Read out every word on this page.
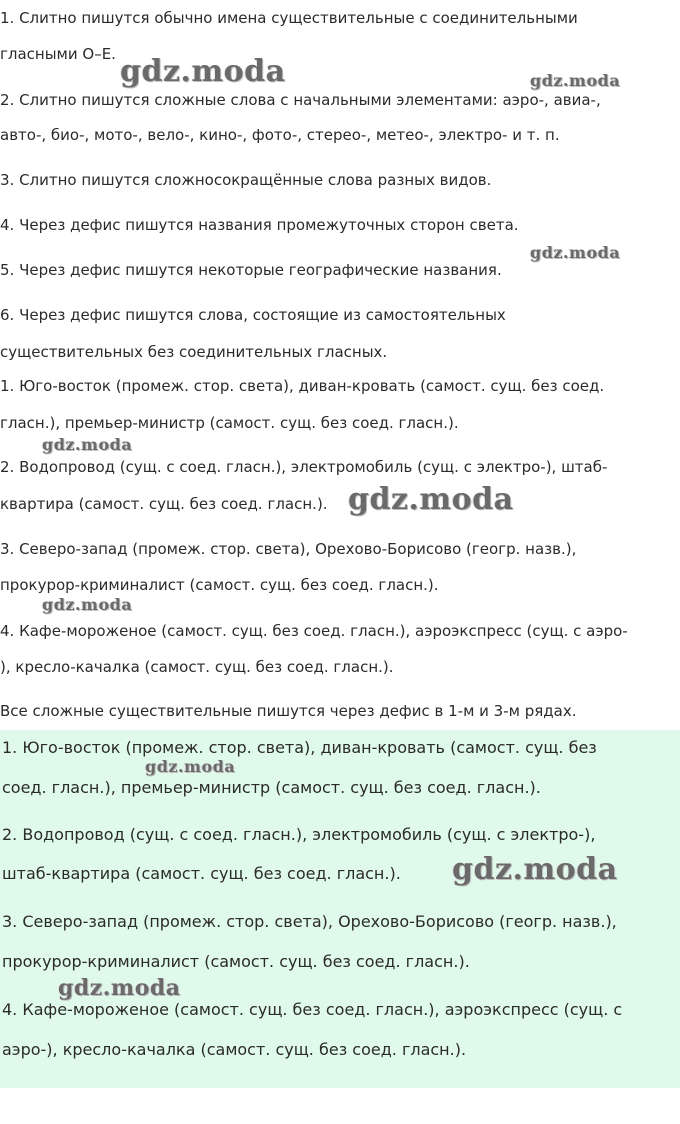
1. Слитно пишутся обычно имена существительные с соединительными
гласными О–Е.
2. Слитно пишутся сложные слова с начальными элементами: аэро-, авиа-,
авто-, био-, мото-, вело-, кино-, фото-, стерео-, метео-, электро- и т. п.
3. Слитно пишутся сложносокращённые слова разных видов.
4. Через дефис пишутся названия промежуточных сторон света.
5. Через дефис пишутся некоторые географические названия.
6. Через дефис пишутся слова, состоящие из самостоятельных
существительных без соединительных гласных.
1. Юго-восток (промеж. стор. света), диван-кровать (самост. сущ. без соед.
гласн.), премьер-министр (самост. сущ. без соед. гласн.).
2. Водопровод (сущ. с соед. гласн.), электромобиль (сущ. с электро-), штаб-
квартира (самост. сущ. без соед. гласн.).
3. Северо-запад (промеж. стор. света), Орехово-Борисово (геогр. назв.),
прокурор-криминалист (самост. сущ. без соед. гласн.).
4. Кафе-мороженое (самост. сущ. без соед. гласн.), аэроэкспресс (сущ. с аэро-
), кресло-качалка (самост. сущ. без соед. гласн.).
Все сложные существительные пишутся через дефис в 1-м и 3-м рядах.
1. Юго-восток (промеж. стор. света), диван-кровать (самост. сущ. без
соед. гласн.), премьер-министр (самост. сущ. без соед. гласн.).
2. Водопровод (сущ. с соед. гласн.), электромобиль (сущ. с электро-),
штаб-квартира (самост. сущ. без соед. гласн.).
3. Северо-запад (промеж. стор. света), Орехово-Борисово (геогр. назв.),
прокурор-криминалист (самост. сущ. без соед. гласн.).
4. Кафе-мороженое (самост. сущ. без соед. гласн.), аэроэкспресс (сущ. с
аэро-), кресло-качалка (самост. сущ. без соед. гласн.).
gdz.moda	gdz.moda
gdz.moda
gdz.moda
gdz.moda
gdz.moda
gdz.moda
gdz.moda
gdz.moda
